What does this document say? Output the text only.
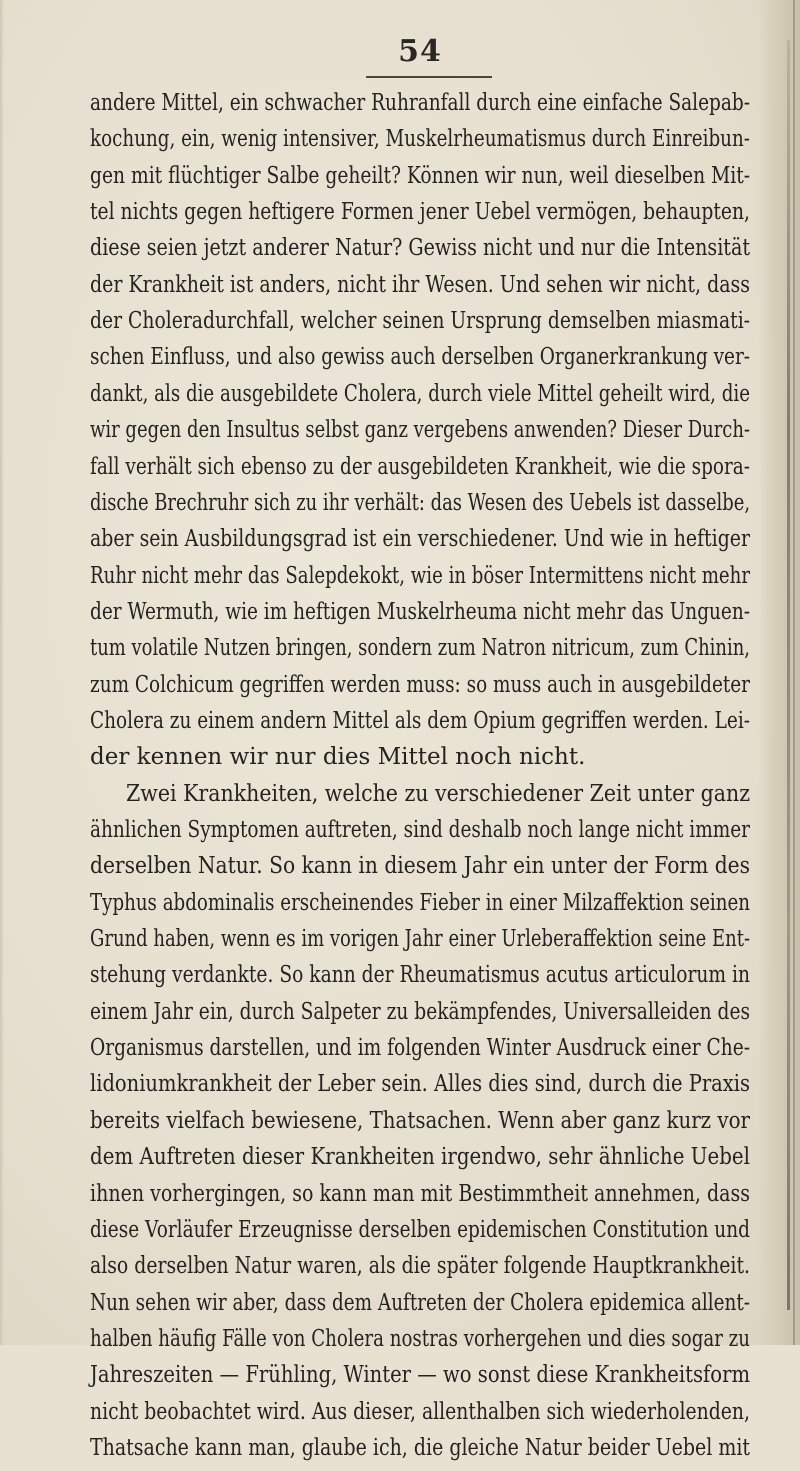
54
andere Mittel, ein schwacher Ruhranfall durch eine einfache Salepab-
kochung, ein, wenig intensiver, Muskelrheumatismus durch Einreibun-
gen mit flüchtiger Salbe geheilt? Können wir nun, weil dieselben Mit-
tel nichts gegen heftigere Formen jener Uebel vermögen, behaupten,
diese seien jetzt anderer Natur? Gewiss nicht und nur die Intensität
der Krankheit ist anders, nicht ihr Wesen. Und sehen wir nicht, dass
der Choleradurchfall, welcher seinen Ursprung demselben miasmati-
schen Einfluss, und also gewiss auch derselben Organerkrankung ver-
dankt, als die ausgebildete Cholera, durch viele Mittel geheilt wird, die
wir gegen den Insultus selbst ganz vergebens anwenden? Dieser Durch-
fall verhält sich ebenso zu der ausgebildeten Krankheit, wie die spora-
dische Brechruhr sich zu ihr verhält: das Wesen des Uebels ist dasselbe,
aber sein Ausbildungsgrad ist ein verschiedener. Und wie in heftiger
Ruhr nicht mehr das Salepdekokt, wie in böser Intermittens nicht mehr
der Wermuth, wie im heftigen Muskelrheuma nicht mehr das Unguen-
tum volatile Nutzen bringen, sondern zum Natron nitricum, zum Chinin,
zum Colchicum gegriffen werden muss: so muss auch in ausgebildeter
Cholera zu einem andern Mittel als dem Opium gegriffen werden. Lei-
der kennen wir nur dies Mittel noch nicht.
Zwei Krankheiten, welche zu verschiedener Zeit unter ganz
ähnlichen Symptomen auftreten, sind deshalb noch lange nicht immer
derselben Natur. So kann in diesem Jahr ein unter der Form des
Typhus abdominalis erscheinendes Fieber in einer Milzaffektion seinen
Grund haben, wenn es im vorigen Jahr einer Urleberaffektion seine Ent-
stehung verdankte. So kann der Rheumatismus acutus articulorum in
einem Jahr ein, durch Salpeter zu bekämpfendes, Universalleiden des
Organismus darstellen, und im folgenden Winter Ausdruck einer Che-
lidoniumkrankheit der Leber sein. Alles dies sind, durch die Praxis
bereits vielfach bewiesene, Thatsachen. Wenn aber ganz kurz vor
dem Auftreten dieser Krankheiten irgendwo, sehr ähnliche Uebel
ihnen vorhergingen, so kann man mit Bestimmtheit annehmen, dass
diese Vorläufer Erzeugnisse derselben epidemischen Constitution und
also derselben Natur waren, als die später folgende Hauptkrankheit.
Nun sehen wir aber, dass dem Auftreten der Cholera epidemica allent-
halben häufig Fälle von Cholera nostras vorhergehen und dies sogar zu
Jahreszeiten — Frühling, Winter — wo sonst diese Krankheitsform
nicht beobachtet wird. Aus dieser, allenthalben sich wiederholenden,
Thatsache kann man, glaube ich, die gleiche Natur beider Uebel mit
